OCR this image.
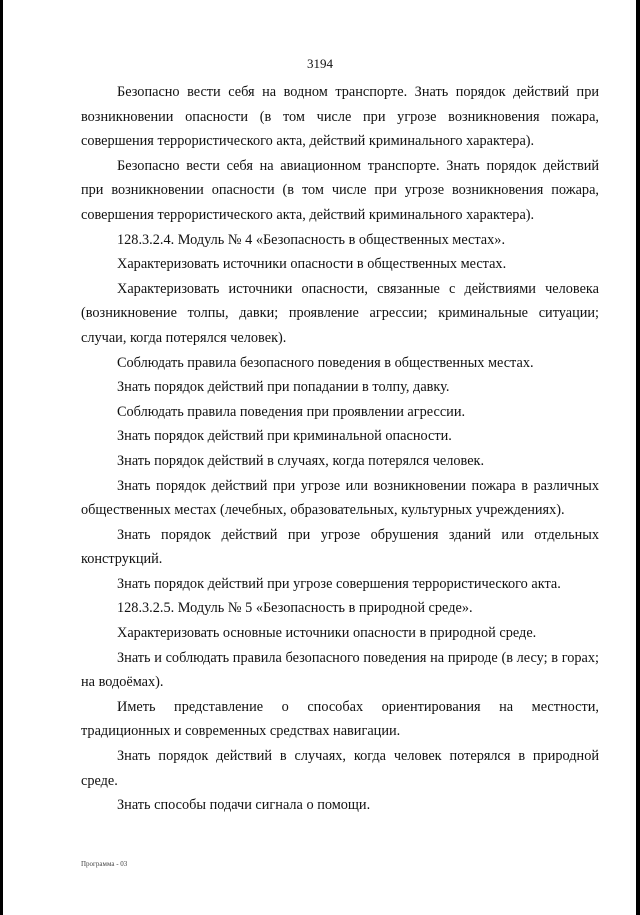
3194

Безопасно вести себя на водном транспорте. Знать порядок действий при возникновении опасности (в том числе при угрозе возникновения пожара, совершения террористического акта, действий криминального характера).

Безопасно вести себя на авиационном транспорте. Знать порядок действий при возникновении опасности (в том числе при угрозе возникновения пожара, совершения террористического акта, действий криминального характера).

128.3.2.4. Модуль № 4 «Безопасность в общественных местах».

Характеризовать источники опасности в общественных местах.

Характеризовать источники опасности, связанные с действиями человека (возникновение толпы, давки; проявление агрессии; криминальные ситуации; случаи, когда потерялся человек).

Соблюдать правила безопасного поведения в общественных местах.

Знать порядок действий при попадании в толпу, давку.

Соблюдать правила поведения при проявлении агрессии.

Знать порядок действий при криминальной опасности.

Знать порядок действий в случаях, когда потерялся человек.

Знать порядок действий при угрозе или возникновении пожара в различных общественных местах (лечебных, образовательных, культурных учреждениях).

Знать порядок действий при угрозе обрушения зданий или отдельных конструкций.

Знать порядок действий при угрозе совершения террористического акта.

128.3.2.5. Модуль № 5 «Безопасность в природной среде».

Характеризовать основные источники опасности в природной среде.

Знать и соблюдать правила безопасного поведения на природе (в лесу; в горах; на водоёмах).

Иметь представление о способах ориентирования на местности, традиционных и современных средствах навигации.

Знать порядок действий в случаях, когда человек потерялся в природной среде.

Знать способы подачи сигнала о помощи.

Программа - 03
